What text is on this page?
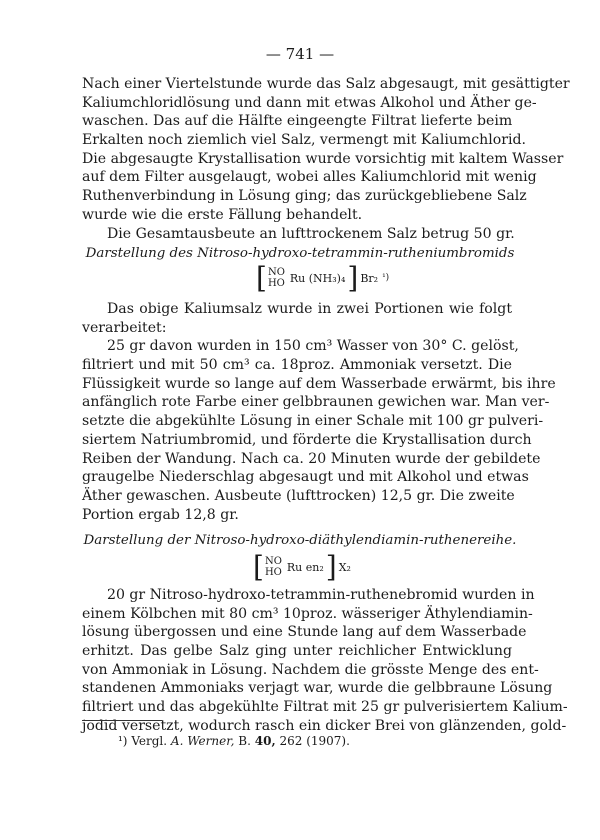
— 741 —
Nach einer Viertelstunde wurde das Salz abgesaugt, mit gesättigter
Kaliumchloridlösung und dann mit etwas Alkohol und Äther ge-
waschen. Das auf die Hälfte eingeengte Filtrat lieferte beim
Erkalten noch ziemlich viel Salz, vermengt mit Kaliumchlorid.
Die abgesaugte Krystallisation wurde vorsichtig mit kaltem Wasser
auf dem Filter ausgelaugt, wobei alles Kaliumchlorid mit wenig
Ruthenverbindung in Lösung ging; das zurückgebliebene Salz
wurde wie die erste Fällung behandelt.
Die Gesamtausbeute an lufttrockenem Salz betrug 50 gr.
Darstellung des Nitroso-hydroxo-tetrammin-rutheniumbromids
[ NO
HO Ru (NH₃)₄ ] Br₂ ¹)
Das obige Kaliumsalz wurde in zwei Portionen wie folgt
verarbeitet:
25 gr davon wurden in 150 cm³ Wasser von 30° C. gelöst,
filtriert und mit 50 cm³ ca. 18proz. Ammoniak versetzt. Die
Flüssigkeit wurde so lange auf dem Wasserbade erwärmt, bis ihre
anfänglich rote Farbe einer gelbbraunen gewichen war. Man ver-
setzte die abgekühlte Lösung in einer Schale mit 100 gr pulveri-
siertem Natriumbromid, und förderte die Krystallisation durch
Reiben der Wandung. Nach ca. 20 Minuten wurde der gebildete
graugelbe Niederschlag abgesaugt und mit Alkohol und etwas
Äther gewaschen. Ausbeute (lufttrocken) 12,5 gr. Die zweite
Portion ergab 12,8 gr.
Darstellung der Nitroso-hydroxo-diäthylendiamin-ruthenereihe.
[ NO
HO Ru en₂ ] X₂
20 gr Nitroso-hydroxo-tetrammin-ruthenebromid wurden in
einem Kölbchen mit 80 cm³ 10proz. wässeriger Äthylendiamin-
lösung übergossen und eine Stunde lang auf dem Wasserbade
erhitzt. Das gelbe Salz ging unter reichlicher Entwicklung
von Ammoniak in Lösung. Nachdem die grösste Menge des ent-
standenen Ammoniaks verjagt war, wurde die gelbbraune Lösung
filtriert und das abgekühlte Filtrat mit 25 gr pulverisiertem Kalium-
jodid versetzt, wodurch rasch ein dicker Brei von glänzenden, gold-
¹) Vergl. A. Werner, B. 40, 262 (1907).
